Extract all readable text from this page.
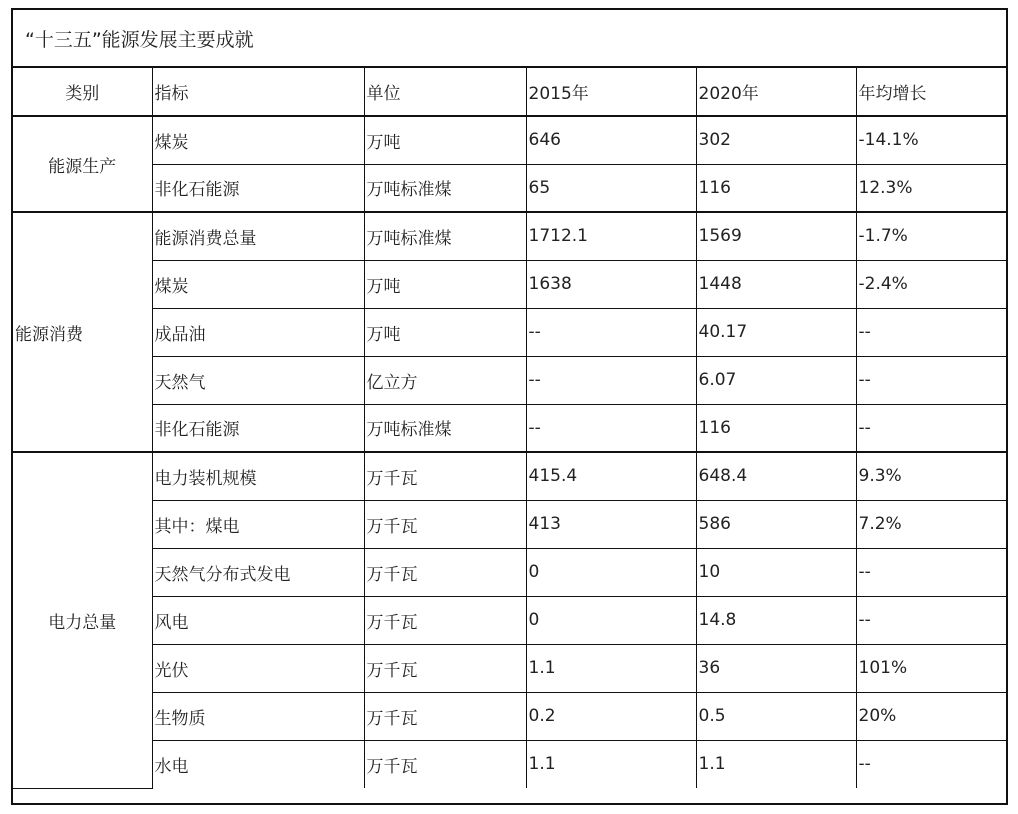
“十三五”能源发展主要成就
类别	指标	单位	2015年	2020年	年均增长
能源生产	煤炭	万吨	646	302	-14.1%
	非化石能源	万吨标准煤	65	116	12.3%
能源消费	能源消费总量	万吨标准煤	1712.1	1569	-1.7%
	煤炭	万吨	1638	1448	-2.4%
	成品油	万吨	--	40.17	--
	天然气	亿立方	--	6.07	--
	非化石能源	万吨标准煤	--	116	--
电力总量	电力装机规模	万千瓦	415.4	648.4	9.3%
	其中：煤电	万千瓦	413	586	7.2%
	天然气分布式发电	万千瓦	0	10	--
	风电	万千瓦	0	14.8	--
	光伏	万千瓦	1.1	36	101%
	生物质	万千瓦	0.2	0.5	20%
	水电	万千瓦	1.1	1.1	--
